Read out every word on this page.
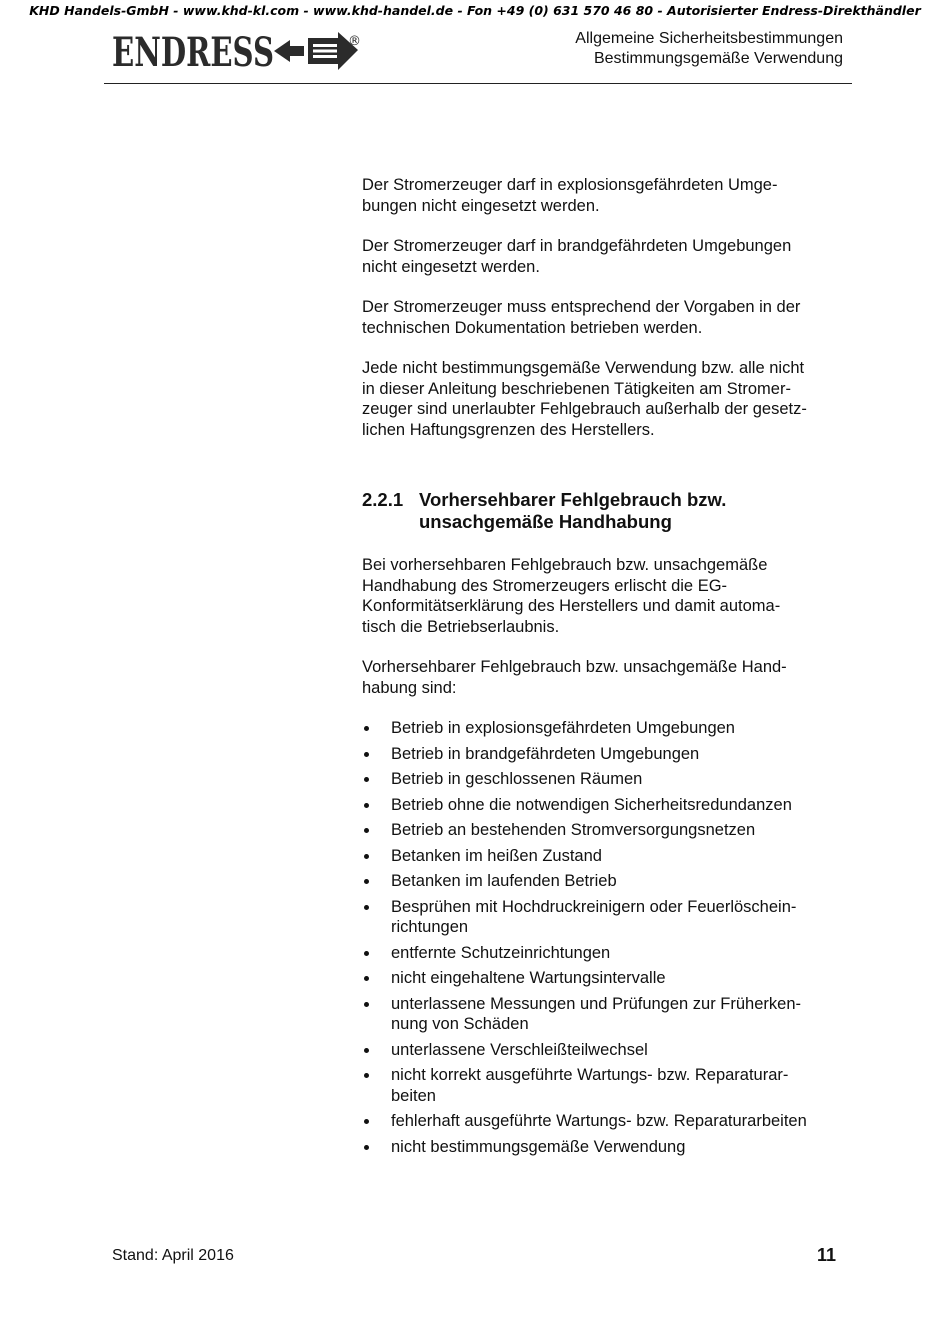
KHD Handels-GmbH - www.khd-kl.com - www.khd-handel.de - Fon +49 (0) 631 570 46 80 - Autorisierter Endress-Direkthändler
ENDRESS	®	Allgemeine Sicherheitsbestimmungen
Bestimmungsgemäße Verwendung

Der Stromerzeuger darf in explosionsgefährdeten Umge-
bungen nicht eingesetzt werden.

Der Stromerzeuger darf in brandgefährdeten Umgebungen
nicht eingesetzt werden.

Der Stromerzeuger muss entsprechend der Vorgaben in der
technischen Dokumentation betrieben werden.

Jede nicht bestimmungsgemäße Verwendung bzw. alle nicht
in dieser Anleitung beschriebenen Tätigkeiten am Stromer-
zeuger sind unerlaubter Fehlgebrauch außerhalb der gesetz-
lichen Haftungsgrenzen des Herstellers.

2.2.1 Vorhersehbarer Fehlgebrauch bzw.
unsachgemäße Handhabung

Bei vorhersehbaren Fehlgebrauch bzw. unsachgemäße
Handhabung des Stromerzeugers erlischt die EG-
Konformitätserklärung des Herstellers und damit automa-
tisch die Betriebserlaubnis.

Vorhersehbarer Fehlgebrauch bzw. unsachgemäße Hand-
habung sind:

Betrieb in explosionsgefährdeten Umgebungen
Betrieb in brandgefährdeten Umgebungen
Betrieb in geschlossenen Räumen
Betrieb ohne die notwendigen Sicherheitsredundanzen
Betrieb an bestehenden Stromversorgungsnetzen
Betanken im heißen Zustand
Betanken im laufenden Betrieb
Besprühen mit Hochdruckreinigern oder Feuerlöschein-
richtungen
entfernte Schutzeinrichtungen
nicht eingehaltene Wartungsintervalle
unterlassene Messungen und Prüfungen zur Früherken-
nung von Schäden
unterlassene Verschleißteilwechsel
nicht korrekt ausgeführte Wartungs- bzw. Reparaturar-
beiten
fehlerhaft ausgeführte Wartungs- bzw. Reparaturarbeiten
nicht bestimmungsgemäße Verwendung
Stand: April 2016	11
